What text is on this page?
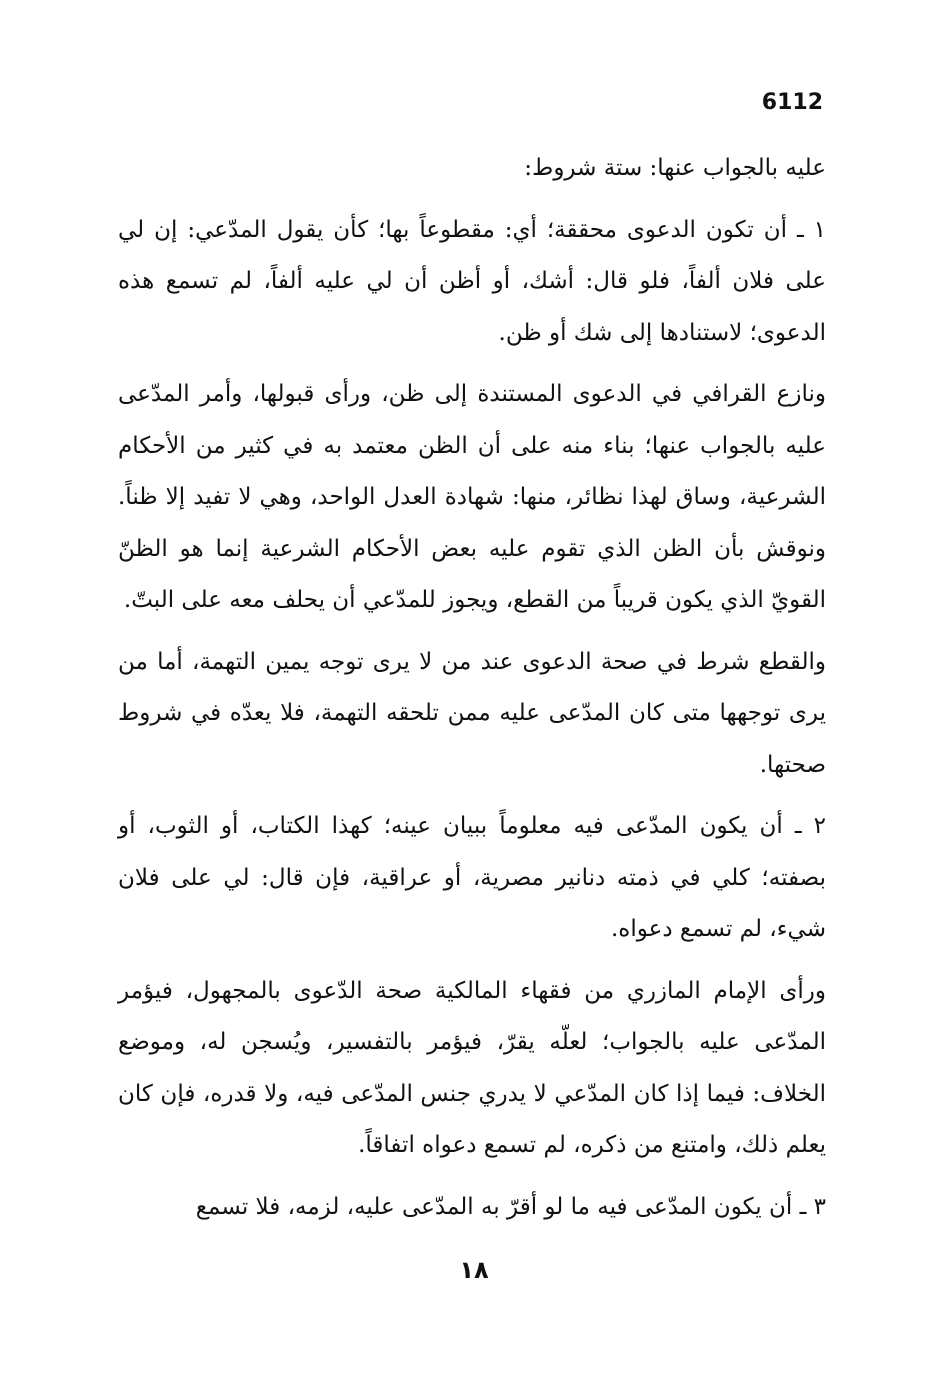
6112

عليه بالجواب عنها: ستة شروط:

١ ـ أن تكون الدعوى محققة؛ أي: مقطوعاً بها؛ كأن يقول المدّعي: إن لي على فلان ألفاً، فلو قال: أشك، أو أظن أن لي عليه ألفاً، لم تسمع هذه الدعوى؛ لاستنادها إلى شك أو ظن.

ونازع القرافي في الدعوى المستندة إلى ظن، ورأى قبولها، وأمر المدّعى عليه بالجواب عنها؛ بناء منه على أن الظن معتمد به في كثير من الأحكام الشرعية، وساق لهذا نظائر، منها: شهادة العدل الواحد، وهي لا تفيد إلا ظناً. ونوقش بأن الظن الذي تقوم عليه بعض الأحكام الشرعية إنما هو الظنّ القويّ الذي يكون قريباً من القطع، ويجوز للمدّعي أن يحلف معه على البتّ.

والقطع شرط في صحة الدعوى عند من لا يرى توجه يمين التهمة، أما من يرى توجهها متى كان المدّعى عليه ممن تلحقه التهمة، فلا يعدّه في شروط صحتها.

٢ ـ أن يكون المدّعى فيه معلوماً ببيان عينه؛ كهذا الكتاب، أو الثوب، أو بصفته؛ كلي في ذمته دنانير مصرية، أو عراقية، فإن قال: لي على فلان شيء، لم تسمع دعواه.

ورأى الإمام المازري من فقهاء المالكية صحة الدّعوى بالمجهول، فيؤمر المدّعى عليه بالجواب؛ لعلّه يقرّ، فيؤمر بالتفسير، ويُسجن له، وموضع الخلاف: فيما إذا كان المدّعي لا يدري جنس المدّعى فيه، ولا قدره، فإن كان يعلم ذلك، وامتنع من ذكره، لم تسمع دعواه اتفاقاً.

٣ ـ أن يكون المدّعى فيه ما لو أقرّ به المدّعى عليه، لزمه، فلا تسمع

١٨
